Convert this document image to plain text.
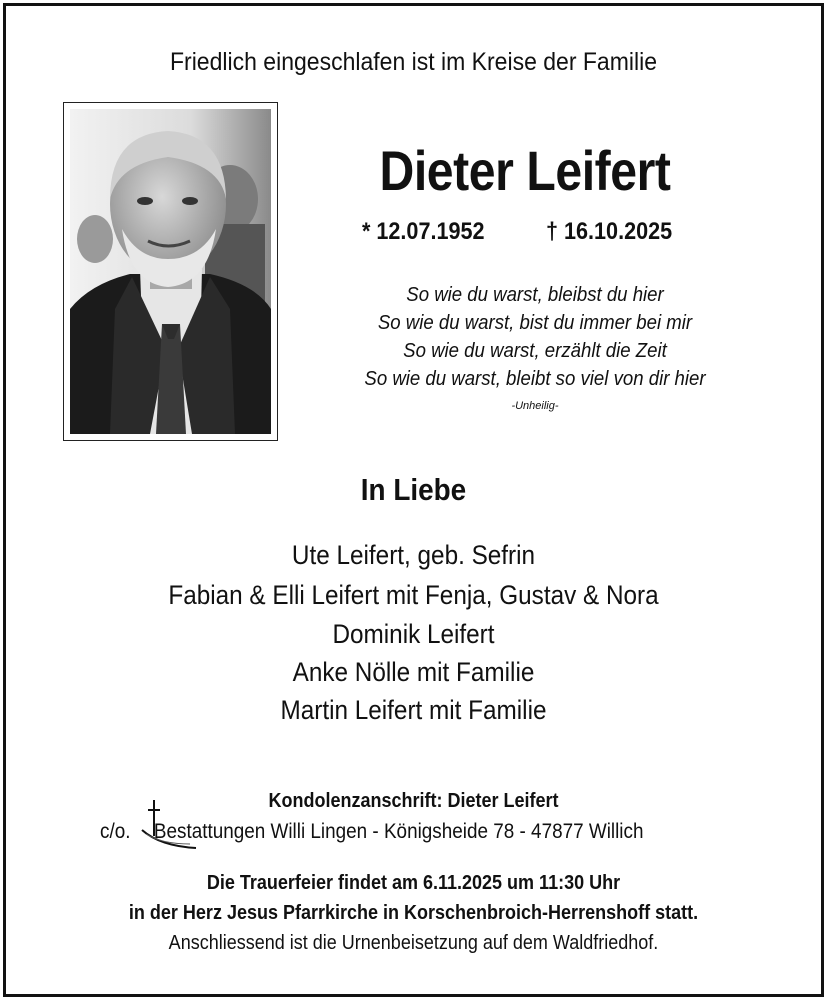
Friedlich eingeschlafen ist im Kreise der Familie
Dieter Leifert
* 12.07.1952	† 16.10.2025
So wie du warst, bleibst du hier
So wie du warst, bist du immer bei mir
So wie du warst, erzählt die Zeit
So wie du warst, bleibt so viel von dir hier
-Unheilig-
In Liebe
Ute Leifert, geb. Sefrin
Fabian & Elli Leifert mit Fenja, Gustav & Nora
Dominik Leifert
Anke Nölle mit Familie
Martin Leifert mit Familie
Kondolenzanschrift: Dieter Leifert
c/o. Bestattungen Willi Lingen - Königsheide 78 - 47877 Willich
Die Trauerfeier findet am 6.11.2025 um 11:30 Uhr
in der Herz Jesus Pfarrkirche in Korschenbroich-Herrenshoff statt.
Anschliessend ist die Urnenbeisetzung auf dem Waldfriedhof.
